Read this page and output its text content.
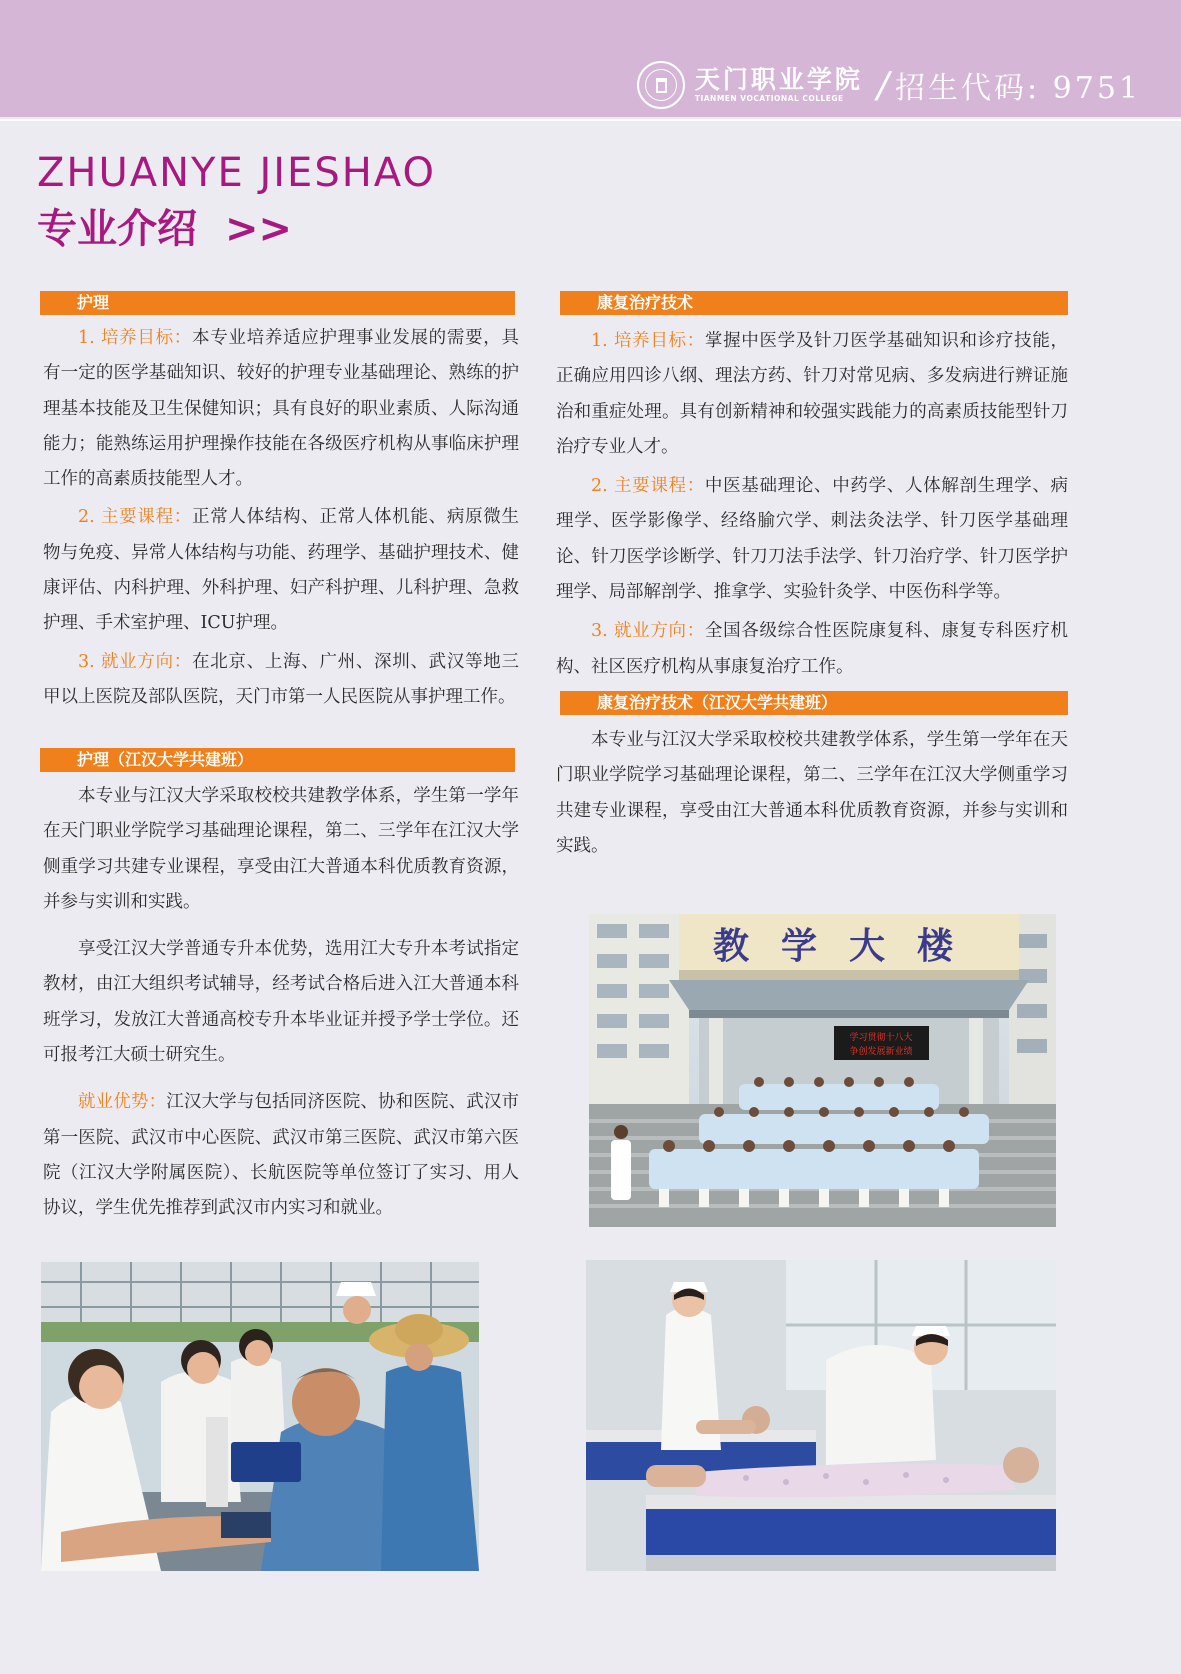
天门职业学院
TIANMEN VOCATIONAL COLLEGE / 招生代码: 9751
ZHUANYE JIESHAO
专业介绍 >>
护理

1. 培养目标：本专业培养适应护理事业发展的需要，具有一定的医学基础知识、较好的护理专业基础理论、熟练的护理基本技能及卫生保健知识；具有良好的职业素质、人际沟通能力；能熟练运用护理操作技能在各级医疗机构从事临床护理工作的高素质技能型人才。

2. 主要课程：正常人体结构、正常人体机能、病原微生物与免疫、异常人体结构与功能、药理学、基础护理技术、健康评估、内科护理、外科护理、妇产科护理、儿科护理、急救护理、手术室护理、ICU护理。

3. 就业方向：在北京、上海、广州、深圳、武汉等地三甲以上医院及部队医院，天门市第一人民医院从事护理工作。

护理（江汉大学共建班）

本专业与江汉大学采取校校共建教学体系，学生第一学年在天门职业学院学习基础理论课程，第二、三学年在江汉大学侧重学习共建专业课程，享受由江大普通本科优质教育资源，并参与实训和实践。

享受江汉大学普通专升本优势，选用江大专升本考试指定教材，由江大组织考试辅导，经考试合格后进入江大普通本科班学习，发放江大普通高校专升本毕业证并授予学士学位。还可报考江大硕士研究生。

就业优势：江汉大学与包括同济医院、协和医院、武汉市第一医院、武汉市中心医院、武汉市第三医院、武汉市第六医院（江汉大学附属医院）、长航医院等单位签订了实习、用人协议，学生优先推荐到武汉市内实习和就业。

康复治疗技术

1. 培养目标：掌握中医学及针刀医学基础知识和诊疗技能，正确应用四诊八纲、理法方药、针刀对常见病、多发病进行辨证施治和重症处理。具有创新精神和较强实践能力的高素质技能型针刀治疗专业人才。

2. 主要课程：中医基础理论、中药学、人体解剖生理学、病理学、医学影像学、经络腧穴学、刺法灸法学、针刀医学基础理论、针刀医学诊断学、针刀刀法手法学、针刀治疗学、针刀医学护理学、局部解剖学、推拿学、实验针灸学、中医伤科学等。

3. 就业方向：全国各级综合性医院康复科、康复专科医疗机构、社区医疗机构从事康复治疗工作。

康复治疗技术（江汉大学共建班）

本专业与江汉大学采取校校共建教学体系，学生第一学年在天门职业学院学习基础理论课程，第二、三学年在江汉大学侧重学习共建专业课程，享受由江大普通本科优质教育资源，并参与实训和实践。

教学大楼
学习贯彻十八大
争创发展新业绩
